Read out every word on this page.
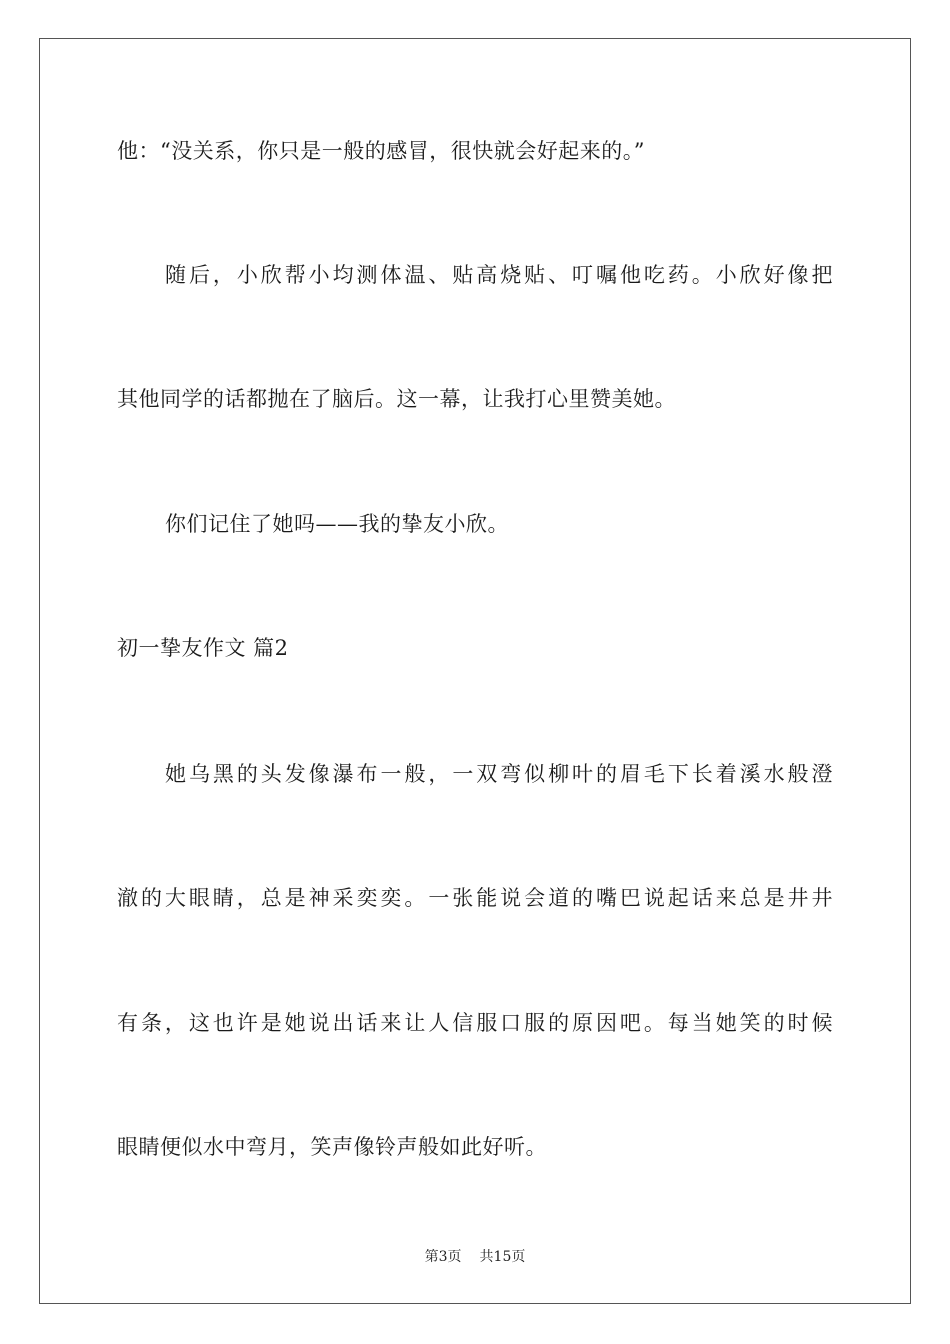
他：“没关系，你只是一般的感冒，很快就会好起来的。”
随后，小欣帮小均测体温、贴高烧贴、叮嘱他吃药。小欣好像把
其他同学的话都抛在了脑后。这一幕，让我打心里赞美她。
你们记住了她吗——我的挚友小欣。
初一挚友作文 篇2
她乌黑的头发像瀑布一般，一双弯似柳叶的眉毛下长着溪水般澄
澈的大眼睛，总是神采奕奕。一张能说会道的嘴巴说起话来总是井井
有条，这也许是她说出话来让人信服口服的原因吧。每当她笑的时候
眼睛便似水中弯月，笑声像铃声般如此好听。
第3页 共15页
